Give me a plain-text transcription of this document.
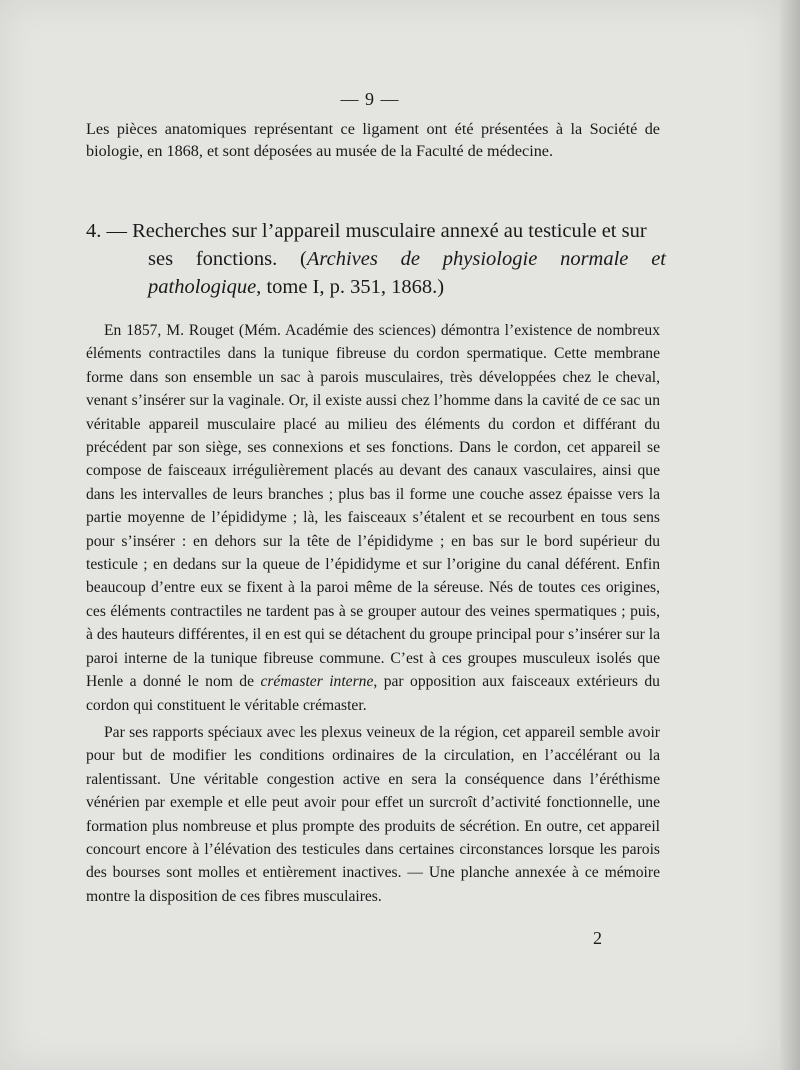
— 9 —
Les pièces anatomiques représentant ce ligament ont été présentées à la Société de biologie, en 1868, et sont déposées au musée de la Faculté de médecine.
4. — Recherches sur l’appareil musculaire annexé au testicule et sur
ses fonctions. (Archives de physiologie normale et pathologique, tome I, p. 351, 1868.)

En 1857, M. Rouget (Mém. Académie des sciences) démontra l’existence de nombreux éléments contractiles dans la tunique fibreuse du cordon spermatique. Cette membrane forme dans son ensemble un sac à parois musculaires, très développées chez le cheval, venant s’insérer sur la vaginale. Or, il existe aussi chez l’homme dans la cavité de ce sac un véritable appareil musculaire placé au milieu des éléments du cordon et différant du précédent par son siège, ses connexions et ses fonctions. Dans le cordon, cet appareil se compose de faisceaux irrégulièrement placés au devant des canaux vasculaires, ainsi que dans les intervalles de leurs branches ; plus bas il forme une couche assez épaisse vers la partie moyenne de l’épididyme ; là, les faisceaux s’étalent et se recourbent en tous sens pour s’insérer : en dehors sur la tête de l’épididyme ; en bas sur le bord supérieur du testicule ; en dedans sur la queue de l’épididyme et sur l’origine du canal déférent. Enfin beaucoup d’entre eux se fixent à la paroi même de la séreuse. Nés de toutes ces origines, ces éléments contractiles ne tardent pas à se grouper autour des veines spermatiques ; puis, à des hauteurs différentes, il en est qui se détachent du groupe principal pour s’insérer sur la paroi interne de la tunique fibreuse commune. C’est à ces groupes musculeux isolés que Henle a donné le nom de crémaster interne, par opposition aux faisceaux extérieurs du cordon qui constituent le véritable crémaster.

Par ses rapports spéciaux avec les plexus veineux de la région, cet appareil semble avoir pour but de modifier les conditions ordinaires de la circulation, en l’accélérant ou la ralentissant. Une véritable congestion active en sera la conséquence dans l’éréthisme vénérien par exemple et elle peut avoir pour effet un surcroît d’activité fonctionnelle, une formation plus nombreuse et plus prompte des produits de sécrétion. En outre, cet appareil concourt encore à l’élévation des testicules dans certaines circonstances lorsque les parois des bourses sont molles et entièrement inactives. — Une planche annexée à ce mémoire montre la disposition de ces fibres musculaires.

2
